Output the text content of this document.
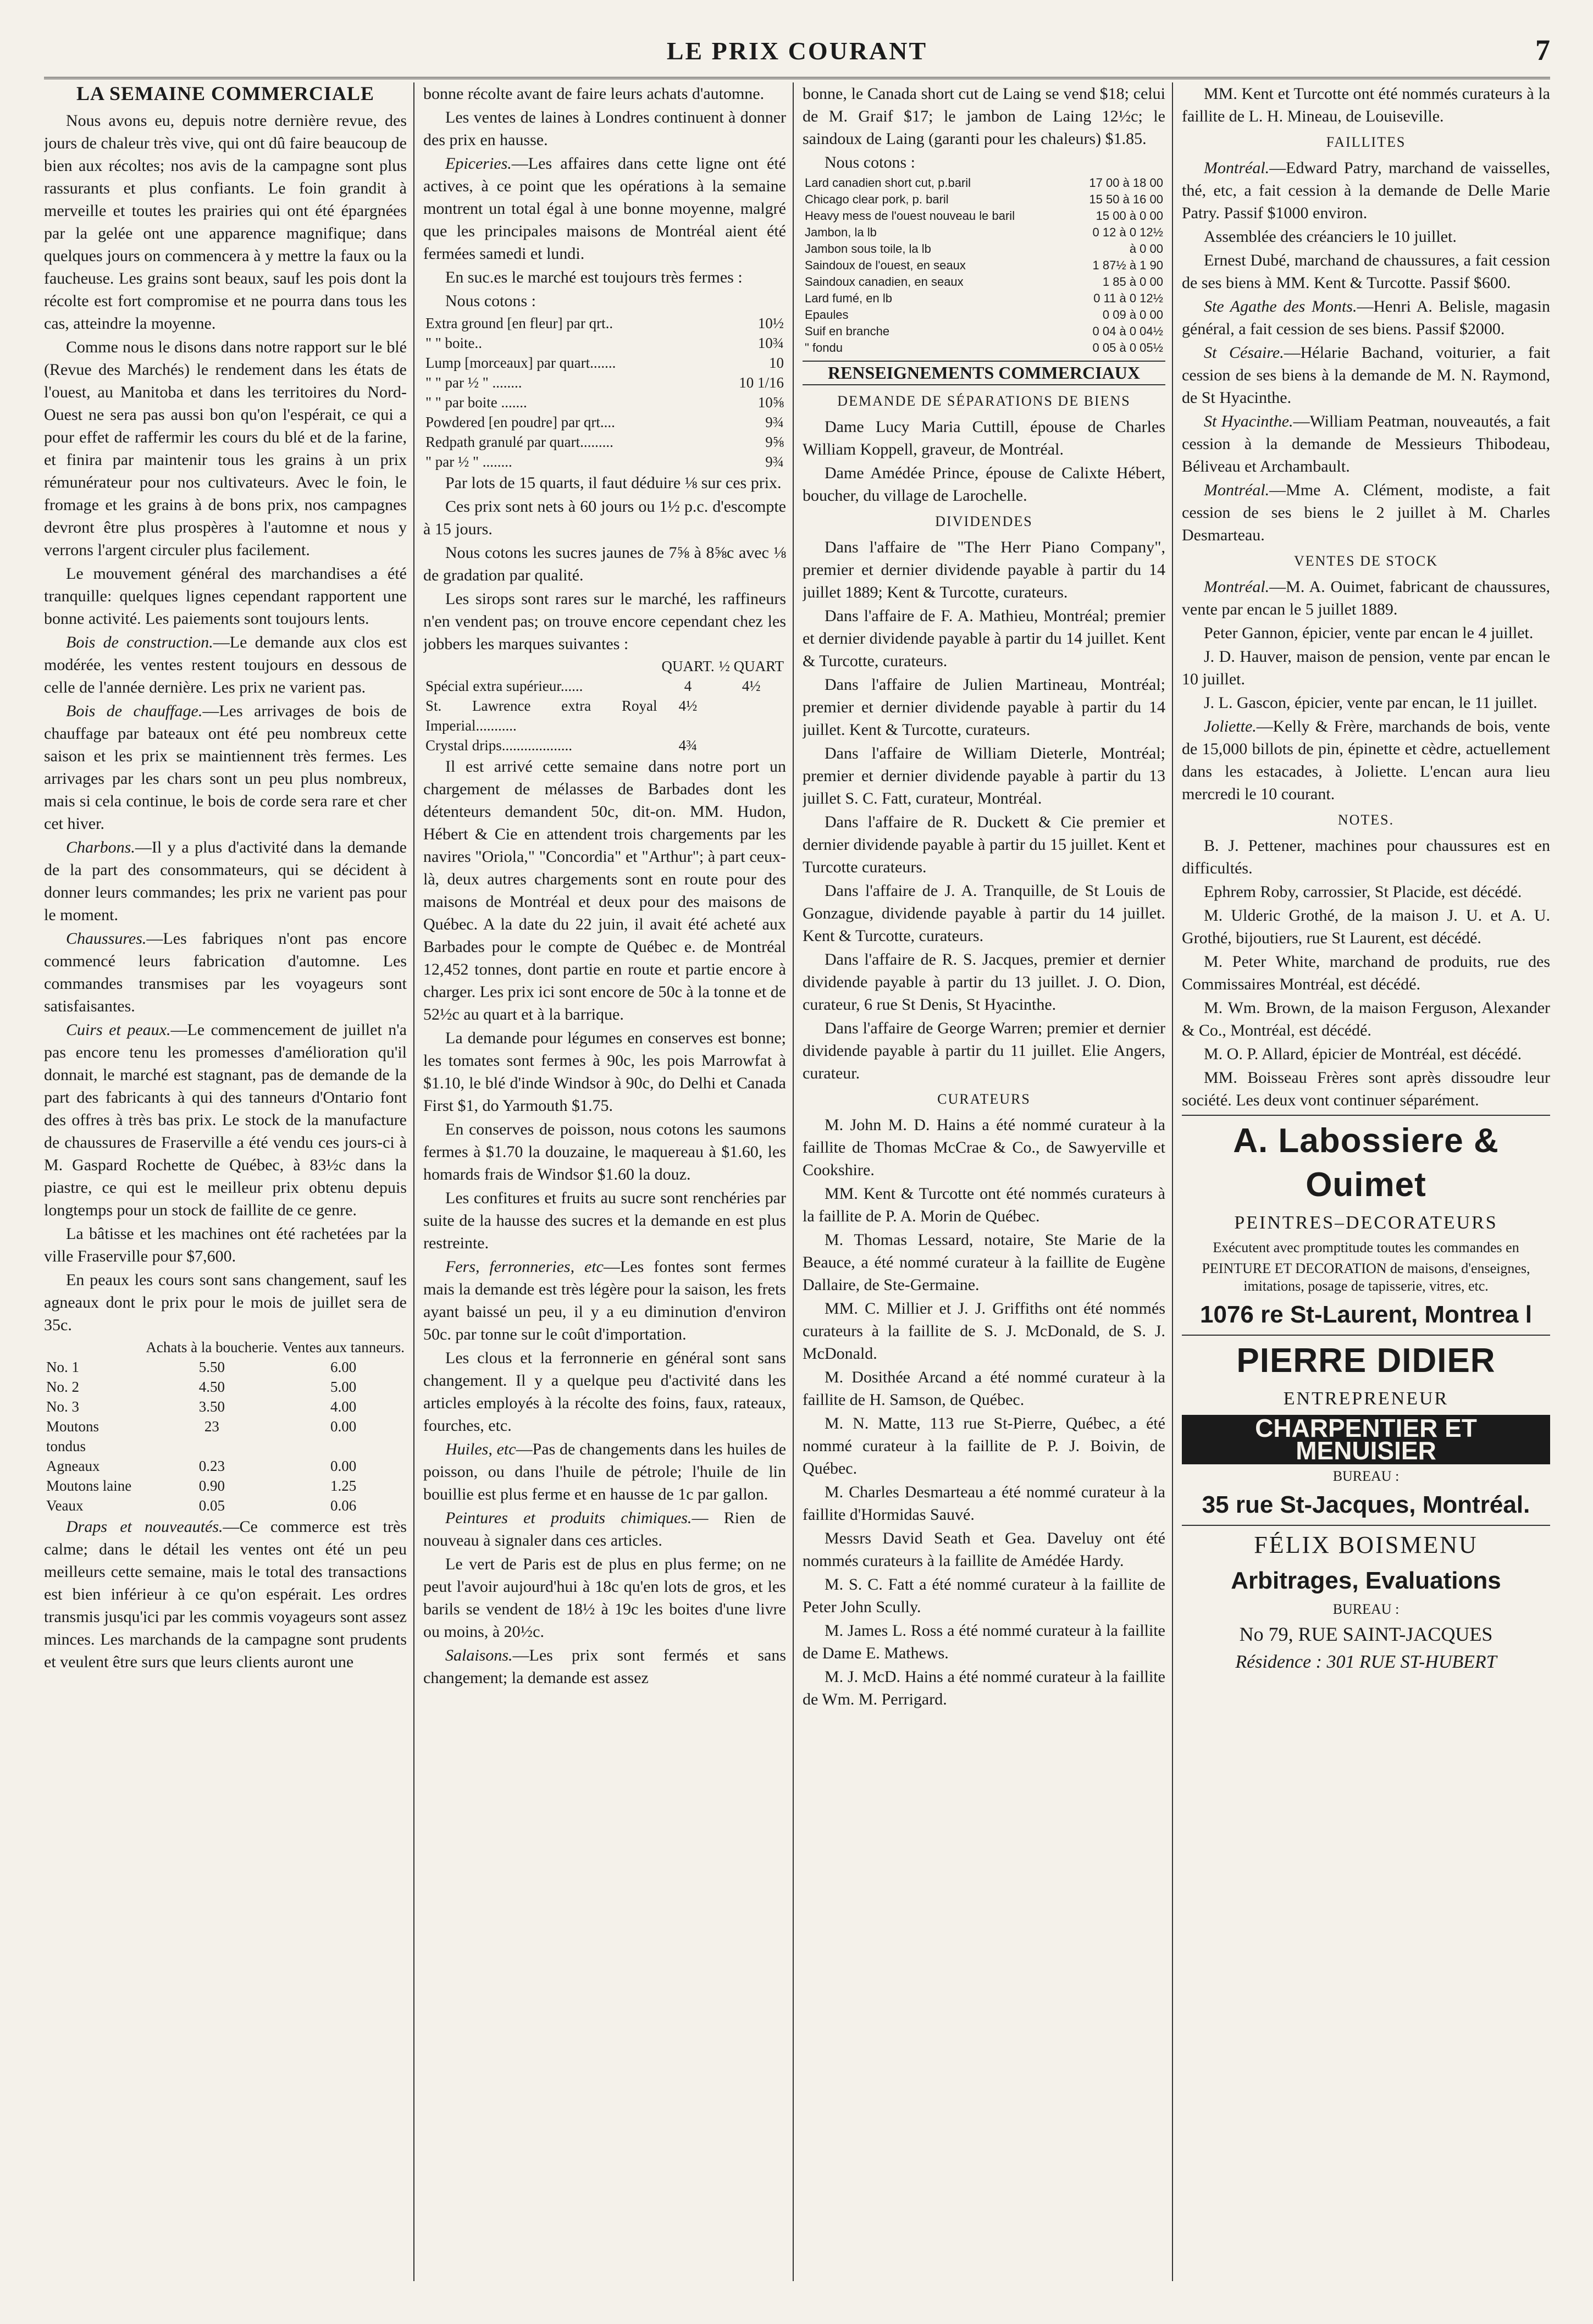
LE PRIX COURANT	7
LA SEMAINE COMMERCIALE

Nous avons eu, depuis notre dernière revue, des jours de chaleur très vive, qui ont dû faire beaucoup de bien aux récoltes; nos avis de la campagne sont plus rassurants et plus confiants. Le foin grandit à merveille et toutes les prairies qui ont été épargnées par la gelée ont une apparence magnifique; dans quelques jours on commencera à y mettre la faux ou la faucheuse. Les grains sont beaux, sauf les pois dont la récolte est fort compromise et ne pourra dans tous les cas, atteindre la moyenne.

Comme nous le disons dans notre rapport sur le blé (Revue des Marchés) le rendement dans les états de l'ouest, au Manitoba et dans les territoires du Nord-Ouest ne sera pas aussi bon qu'on l'espérait, ce qui a pour effet de raffermir les cours du blé et de la farine, et finira par maintenir tous les grains à un prix rémunérateur pour nos cultivateurs. Avec le foin, le fromage et les grains à de bons prix, nos campagnes devront être plus prospères à l'automne et nous y verrons l'argent circuler plus facilement.

Le mouvement général des marchandises a été tranquille: quelques lignes cependant rapportent une bonne activité. Les paiements sont toujours lents.

Bois de construction.—Le demande aux clos est modérée, les ventes restent toujours en dessous de celle de l'année dernière. Les prix ne varient pas.

Bois de chauffage.—Les arrivages de bois de chauffage par bateaux ont été peu nombreux cette saison et les prix se maintiennent très fermes. Les arrivages par les chars sont un peu plus nombreux, mais si cela continue, le bois de corde sera rare et cher cet hiver.

Charbons.—Il y a plus d'activité dans la demande de la part des consommateurs, qui se décident à donner leurs commandes; les prix ne varient pas pour le moment.

Chaussures.—Les fabriques n'ont pas encore commencé leurs fabrication d'automne. Les commandes transmises par les voyageurs sont satisfaisantes.

Cuirs et peaux.—Le commencement de juillet n'a pas encore tenu les promesses d'amélioration qu'il donnait, le marché est stagnant, pas de demande de la part des fabricants à qui des tanneurs d'Ontario font des offres à très bas prix. Le stock de la manufacture de chaussures de Fraserville a été vendu ces jours-ci à M. Gaspard Rochette de Québec, à 83½c dans la piastre, ce qui est le meilleur prix obtenu depuis longtemps pour un stock de faillite de ce genre.

La bâtisse et les machines ont été rachetées par la ville Fraserville pour $7,600.

En peaux les cours sont sans changement, sauf les agneaux dont le prix pour le mois de juillet sera de 35c.

	Achats à la boucherie.	Ventes aux tanneurs.
No. 1	5.50	6.00
No. 2	4.50	5.00
No. 3	3.50	4.00
Moutons tondus	23	0.00
Agneaux	0.23	0.00
Moutons laine	0.90	1.25
Veaux	0.05	0.06

Draps et nouveautés.—Ce commerce est très calme; dans le détail les ventes ont été un peu meilleurs cette semaine, mais le total des transactions est bien inférieur à ce qu'on espérait. Les ordres transmis jusqu'ici par les commis voyageurs sont assez minces. Les marchands de la campagne sont prudents et veulent être surs que leurs clients auront une

bonne récolte avant de faire leurs achats d'automne.

Les ventes de laines à Londres continuent à donner des prix en hausse.

Epiceries.—Les affaires dans cette ligne ont été actives, à ce point que les opérations à la semaine montrent un total égal à une bonne moyenne, malgré que les principales maisons de Montréal aient été fermées samedi et lundi.

En suc.es le marché est toujours très fermes :

Nous cotons :

Extra ground [en fleur] par qrt..	10½
" " boite..	10¾
Lump [morceaux] par quart.......	10
" " par ½ " ........	10 1/16
" " par boite .......	10⅝
Powdered [en poudre] par qrt....	9¾
Redpath granulé par quart.........	9⅝
" par ½ " ........	9¾

Par lots de 15 quarts, il faut déduire ⅛ sur ces prix.

Ces prix sont nets à 60 jours ou 1½ p.c. d'escompte à 15 jours.

Nous cotons les sucres jaunes de 7⅝ à 8⅝c avec ⅛ de gradation par qualité.

Les sirops sont rares sur le marché, les raffineurs n'en vendent pas; on trouve encore cependant chez les jobbers les marques suivantes :

	QUART.	½ QUART
Spécial extra supérieur......	4	4½
St. Lawrence extra Royal Imperial...........	4½	
Crystal drips...................	4¾	

Il est arrivé cette semaine dans notre port un chargement de mélasses de Barbades dont les détenteurs demandent 50c, dit-on. MM. Hudon, Hébert & Cie en attendent trois chargements par les navires "Oriola," "Concordia" et "Arthur"; à part ceux-là, deux autres chargements sont en route pour des maisons de Montréal et deux pour des maisons de Québec. A la date du 22 juin, il avait été acheté aux Barbades pour le compte de Québec e. de Montréal 12,452 tonnes, dont partie en route et partie encore à charger. Les prix ici sont encore de 50c à la tonne et de 52½c au quart et à la barrique.

La demande pour légumes en conserves est bonne; les tomates sont fermes à 90c, les pois Marrowfat à $1.10, le blé d'inde Windsor à 90c, do Delhi et Canada First $1, do Yarmouth $1.75.

En conserves de poisson, nous cotons les saumons fermes à $1.70 la douzaine, le maquereau à $1.60, les homards frais de Windsor $1.60 la douz.

Les confitures et fruits au sucre sont renchéries par suite de la hausse des sucres et la demande en est plus restreinte.

Fers, ferronneries, etc—Les fontes sont fermes mais la demande est très légère pour la saison, les frets ayant baissé un peu, il y a eu diminution d'environ 50c. par tonne sur le coût d'importation.

Les clous et la ferronnerie en général sont sans changement. Il y a quelque peu d'activité dans les articles employés à la récolte des foins, faux, rateaux, fourches, etc.

Huiles, etc—Pas de changements dans les huiles de poisson, ou dans l'huile de pétrole; l'huile de lin bouillie est plus ferme et en hausse de 1c par gallon.

Peintures et produits chimiques.— Rien de nouveau à signaler dans ces articles.

Le vert de Paris est de plus en plus ferme; on ne peut l'avoir aujourd'hui à 18c qu'en lots de gros, et les barils se vendent de 18½ à 19c les boites d'une livre ou moins, à 20½c.

Salaisons.—Les prix sont fermés et sans changement; la demande est assez

bonne, le Canada short cut de Laing se vend $18; celui de M. Graif $17; le jambon de Laing 12½c; le saindoux de Laing (garanti pour les chaleurs) $1.85.

Nous cotons :

Lard canadien short cut, p.baril	17 00 à 18 00
Chicago clear pork, p. baril	15 50 à 16 00
Heavy mess de l'ouest nouveau le baril	15 00 à 0 00
Jambon, la lb	0 12 à 0 12½
Jambon sous toile, la lb	à 0 00
Saindoux de l'ouest, en seaux	1 87½ à 1 90
Saindoux canadien, en seaux	1 85 à 0 00
Lard fumé, en lb	0 11 à 0 12½
Epaules	0 09 à 0 00
Suif en branche	0 04 à 0 04½
" fondu	0 05 à 0 05½
RENSEIGNEMENTS COMMERCIAUX
DEMANDE DE SÉPARATIONS DE BIENS

Dame Lucy Maria Cuttill, épouse de Charles William Koppell, graveur, de Montréal.

Dame Amédée Prince, épouse de Calixte Hébert, boucher, du village de Larochelle.

DIVIDENDES

Dans l'affaire de "The Herr Piano Company", premier et dernier dividende payable à partir du 14 juillet 1889; Kent & Turcotte, curateurs.

Dans l'affaire de F. A. Mathieu, Montréal; premier et dernier dividende payable à partir du 14 juillet. Kent & Turcotte, curateurs.

Dans l'affaire de Julien Martineau, Montréal; premier et dernier dividende payable à partir du 14 juillet. Kent & Turcotte, curateurs.

Dans l'affaire de William Dieterle, Montréal; premier et dernier dividende payable à partir du 13 juillet S. C. Fatt, curateur, Montréal.

Dans l'affaire de R. Duckett & Cie premier et dernier dividende payable à partir du 15 juillet. Kent et Turcotte curateurs.

Dans l'affaire de J. A. Tranquille, de St Louis de Gonzague, dividende payable à partir du 14 juillet. Kent & Turcotte, curateurs.

Dans l'affaire de R. S. Jacques, premier et dernier dividende payable à partir du 13 juillet. J. O. Dion, curateur, 6 rue St Denis, St Hyacinthe.

Dans l'affaire de George Warren; premier et dernier dividende payable à partir du 11 juillet. Elie Angers, curateur.

CURATEURS

M. John M. D. Hains a été nommé curateur à la faillite de Thomas McCrae & Co., de Sawyerville et Cookshire.

MM. Kent & Turcotte ont été nommés curateurs à la faillite de P. A. Morin de Québec.

M. Thomas Lessard, notaire, Ste Marie de la Beauce, a été nommé curateur à la faillite de Eugène Dallaire, de Ste-Germaine.

MM. C. Millier et J. J. Griffiths ont été nommés curateurs à la faillite de S. J. McDonald, de S. J. McDonald.

M. Dosithée Arcand a été nommé curateur à la faillite de H. Samson, de Québec.

M. N. Matte, 113 rue St-Pierre, Québec, a été nommé curateur à la faillite de P. J. Boivin, de Québec.

M. Charles Desmarteau a été nommé curateur à la faillite d'Hormidas Sauvé.

Messrs David Seath et Gea. Daveluy ont été nommés curateurs à la faillite de Amédée Hardy.

M. S. C. Fatt a été nommé curateur à la faillite de Peter John Scully.

M. James L. Ross a été nommé curateur à la faillite de Dame E. Mathews.

M. J. McD. Hains a été nommé curateur à la faillite de Wm. M. Perrigard.

MM. Kent et Turcotte ont été nommés curateurs à la faillite de L. H. Mineau, de Louiseville.

FAILLITES

Montréal.—Edward Patry, marchand de vaisselles, thé, etc, a fait cession à la demande de Delle Marie Patry. Passif $1000 environ.

Assemblée des créanciers le 10 juillet.

Ernest Dubé, marchand de chaussures, a fait cession de ses biens à MM. Kent & Turcotte. Passif $600.

Ste Agathe des Monts.—Henri A. Belisle, magasin général, a fait cession de ses biens. Passif $2000.

St Césaire.—Hélarie Bachand, voiturier, a fait cession de ses biens à la demande de M. N. Raymond, de St Hyacinthe.

St Hyacinthe.—William Peatman, nouveautés, a fait cession à la demande de Messieurs Thibodeau, Béliveau et Archambault.

Montréal.—Mme A. Clément, modiste, a fait cession de ses biens le 2 juillet à M. Charles Desmarteau.

VENTES DE STOCK

Montréal.—M. A. Ouimet, fabricant de chaussures, vente par encan le 5 juillet 1889.

Peter Gannon, épicier, vente par encan le 4 juillet.

J. D. Hauver, maison de pension, vente par encan le 10 juillet.

J. L. Gascon, épicier, vente par encan, le 11 juillet.

Joliette.—Kelly & Frère, marchands de bois, vente de 15,000 billots de pin, épinette et cèdre, actuellement dans les estacades, à Joliette. L'encan aura lieu mercredi le 10 courant.

NOTES.

B. J. Pettener, machines pour chaussures est en difficultés.

Ephrem Roby, carrossier, St Placide, est décédé.

M. Ulderic Grothé, de la maison J. U. et A. U. Grothé, bijoutiers, rue St Laurent, est décédé.

M. Peter White, marchand de produits, rue des Commissaires Montréal, est décédé.

M. Wm. Brown, de la maison Ferguson, Alexander & Co., Montréal, est décédé.

M. O. P. Allard, épicier de Montréal, est décédé.

MM. Boisseau Frères sont après dissoudre leur société. Les deux vont continuer séparément.

A. Labossiere & Ouimet
PEINTRES–DECORATEURS
Exécutent avec promptitude toutes les commandes en
PEINTURE ET DECORATION de maisons, d'enseignes, imitations, posage de tapisserie, vitres, etc.
1076 re St-Laurent, Montrea l
PIERRE DIDIER
ENTREPRENEUR
CHARPENTIER ET MENUISIER
BUREAU :
35 rue St-Jacques, Montréal.
FÉLIX BOISMENU
Arbitrages, Evaluations
BUREAU :
No 79, RUE SAINT-JACQUES
Résidence : 301 RUE ST-HUBERT
